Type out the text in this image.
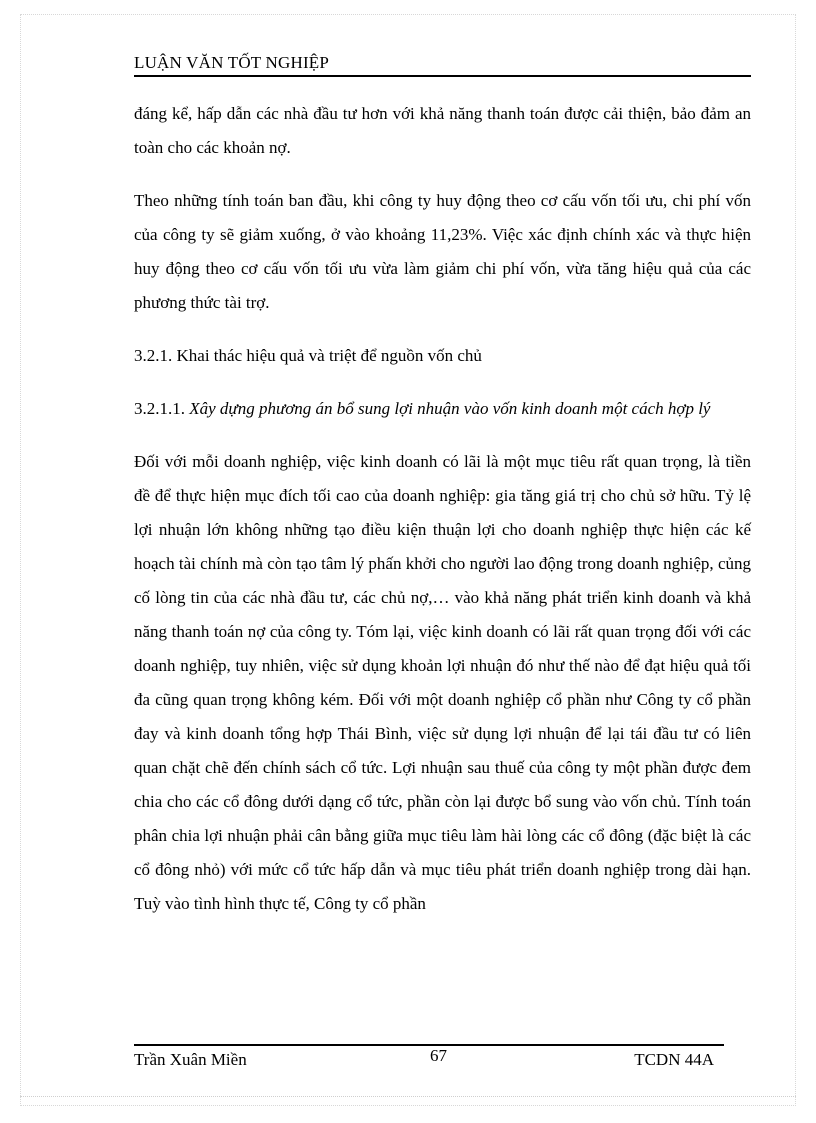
LUẬN VĂN TỐT NGHIỆP

đáng kể, hấp dẫn các nhà đầu tư hơn với khả năng thanh toán được cải thiện, bảo đảm an toàn cho các khoản nợ.

Theo những tính toán ban đầu, khi công ty huy động theo cơ cấu vốn tối ưu, chi phí vốn của công ty sẽ giảm xuống, ở vào khoảng 11,23%. Việc xác định chính xác và thực hiện huy động theo cơ cấu vốn tối ưu vừa làm giảm chi phí vốn, vừa tăng hiệu quả của các phương thức tài trợ.

3.2.1. Khai thác hiệu quả và triệt để nguồn vốn chủ

3.2.1.1. Xây dựng phương án bổ sung lợi nhuận vào vốn kinh doanh một cách hợp lý

Đối với mỗi doanh nghiệp, việc kinh doanh có lãi là một mục tiêu rất quan trọng, là tiền đề để thực hiện mục đích tối cao của doanh nghiệp: gia tăng giá trị cho chủ sở hữu. Tỷ lệ lợi nhuận lớn không những tạo điều kiện thuận lợi cho doanh nghiệp thực hiện các kế hoạch tài chính mà còn tạo tâm lý phấn khởi cho người lao động trong doanh nghiệp, củng cố lòng tin của các nhà đầu tư, các chủ nợ,… vào khả năng phát triển kinh doanh và khả năng thanh toán nợ của công ty. Tóm lại, việc kinh doanh có lãi rất quan trọng đối với các doanh nghiệp, tuy nhiên, việc sử dụng khoản lợi nhuận đó như thế nào để đạt hiệu quả tối đa cũng quan trọng không kém. Đối với một doanh nghiệp cổ phần như Công ty cổ phần đay và kinh doanh tổng hợp Thái Bình, việc sử dụng lợi nhuận để lại tái đầu tư có liên quan chặt chẽ đến chính sách cổ tức. Lợi nhuận sau thuế của công ty một phần được đem chia cho các cổ đông dưới dạng cổ tức, phần còn lại được bổ sung vào vốn chủ. Tính toán phân chia lợi nhuận phải cân bằng giữa mục tiêu làm hài lòng các cổ đông (đặc biệt là các cổ đông nhỏ) với mức cổ tức hấp dẫn và mục tiêu phát triển doanh nghiệp trong dài hạn. Tuỳ vào tình hình thực tế, Công ty cổ phần

Trần Xuân Miền	67	TCDN 44A
